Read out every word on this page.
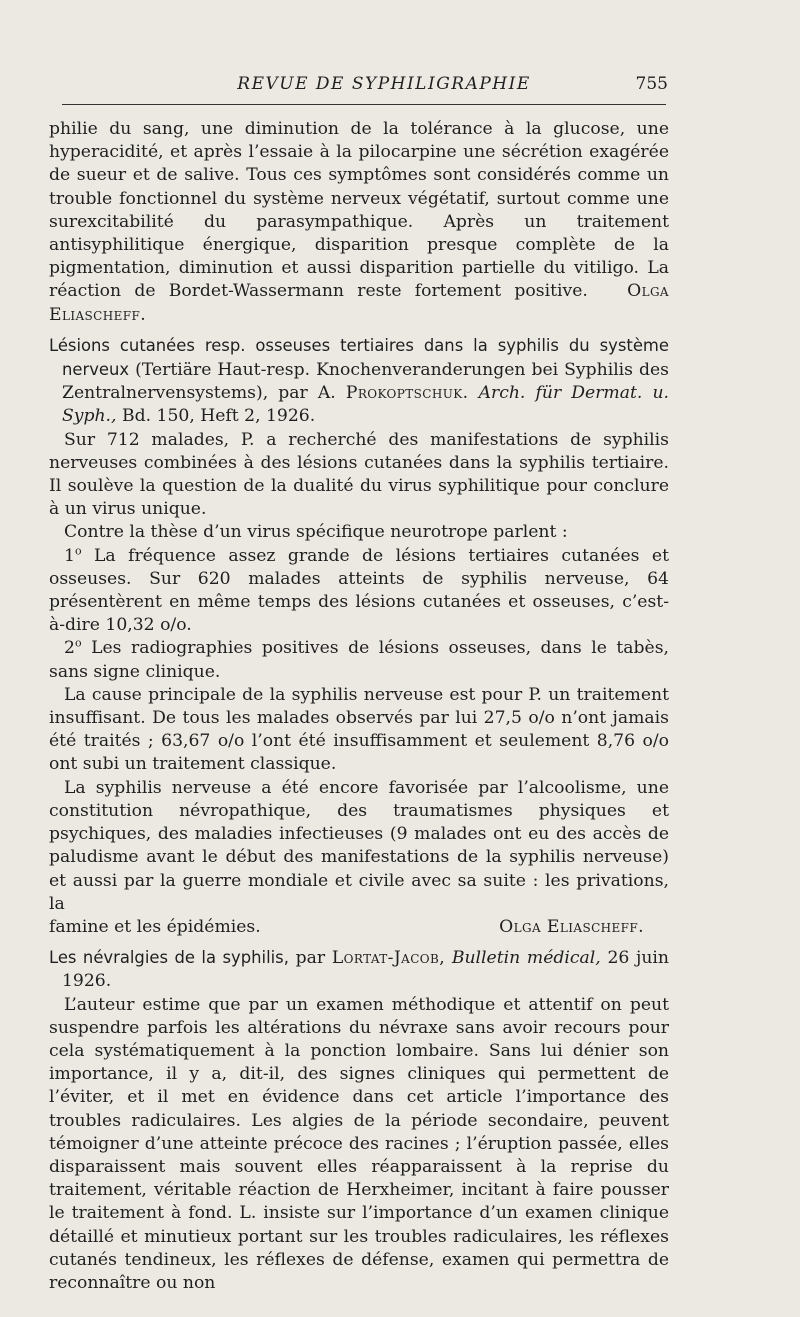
REVUE DE SYPHILIGRAPHIE	755

philie du sang, une diminution de la tolérance à la glucose, une hyperacidité, et après l’essaie à la pilocarpine une sécrétion exagérée de sueur et de salive. Tous ces symptômes sont considérés comme un trouble fonctionnel du système nerveux végétatif, surtout comme une surexcitabilité du parasympathique. Après un traitement antisyphilitique énergique, disparition presque complète de la pigmentation, diminution et aussi disparition partielle du vitiligo. La réaction de Bordet-Wassermann reste fortement positive. Olga Eliascheff.

Lésions cutanées resp. osseuses tertiaires dans la syphilis du système nerveux (Tertiäre Haut-resp. Knochenveranderungen bei Syphilis des Zentralnervensystems), par A. Prokoptschuk. Arch. für Dermat. u. Syph., Bd. 150, Heft 2, 1926.

Sur 712 malades, P. a recherché des manifestations de syphilis nerveuses combinées à des lésions cutanées dans la syphilis tertiaire. Il soulève la question de la dualité du virus syphilitique pour conclure à un virus unique.

Contre la thèse d’un virus spécifique neurotrope parlent :

1$^o$ La fréquence assez grande de lésions tertiaires cutanées et osseuses. Sur 620 malades atteints de syphilis nerveuse, 64 présentèrent en même temps des lésions cutanées et osseuses, c’est-à-dire 10,32 o/o.

2$^o$ Les radiographies positives de lésions osseuses, dans le tabès, sans signe clinique.

La cause principale de la syphilis nerveuse est pour P. un traitement insuffisant. De tous les malades observés par lui 27,5 o/o n’ont jamais été traités ; 63,67 o/o l’ont été insuffisamment et seulement 8,76 o/o ont subi un traitement classique.

La syphilis nerveuse a été encore favorisée par l’alcoolisme, une constitution névropathique, des traumatismes physiques et psychiques, des maladies infectieuses (9 malades ont eu des accès de paludisme avant le début des manifestations de la syphilis nerveuse) et aussi par la guerre mondiale et civile avec sa suite : les privations, la

famine et les épidémies.	Olga Eliascheff.

Les névralgies de la syphilis, par Lortat-Jacob, Bulletin médical, 26 juin 1926.

L’auteur estime que par un examen méthodique et attentif on peut suspendre parfois les altérations du névraxe sans avoir recours pour cela systématiquement à la ponction lombaire. Sans lui dénier son importance, il y a, dit-il, des signes cliniques qui permettent de l’éviter, et il met en évidence dans cet article l’importance des troubles radiculaires. Les algies de la période secondaire, peuvent témoigner d’une atteinte précoce des racines ; l’éruption passée, elles disparaissent mais souvent elles réapparaissent à la reprise du traitement, véritable réaction de Herxheimer, incitant à faire pousser le traitement à fond. L. insiste sur l’importance d’un examen clinique détaillé et minutieux portant sur les troubles radiculaires, les réflexes cutanés tendineux, les réflexes de défense, examen qui permettra de reconnaître ou non
